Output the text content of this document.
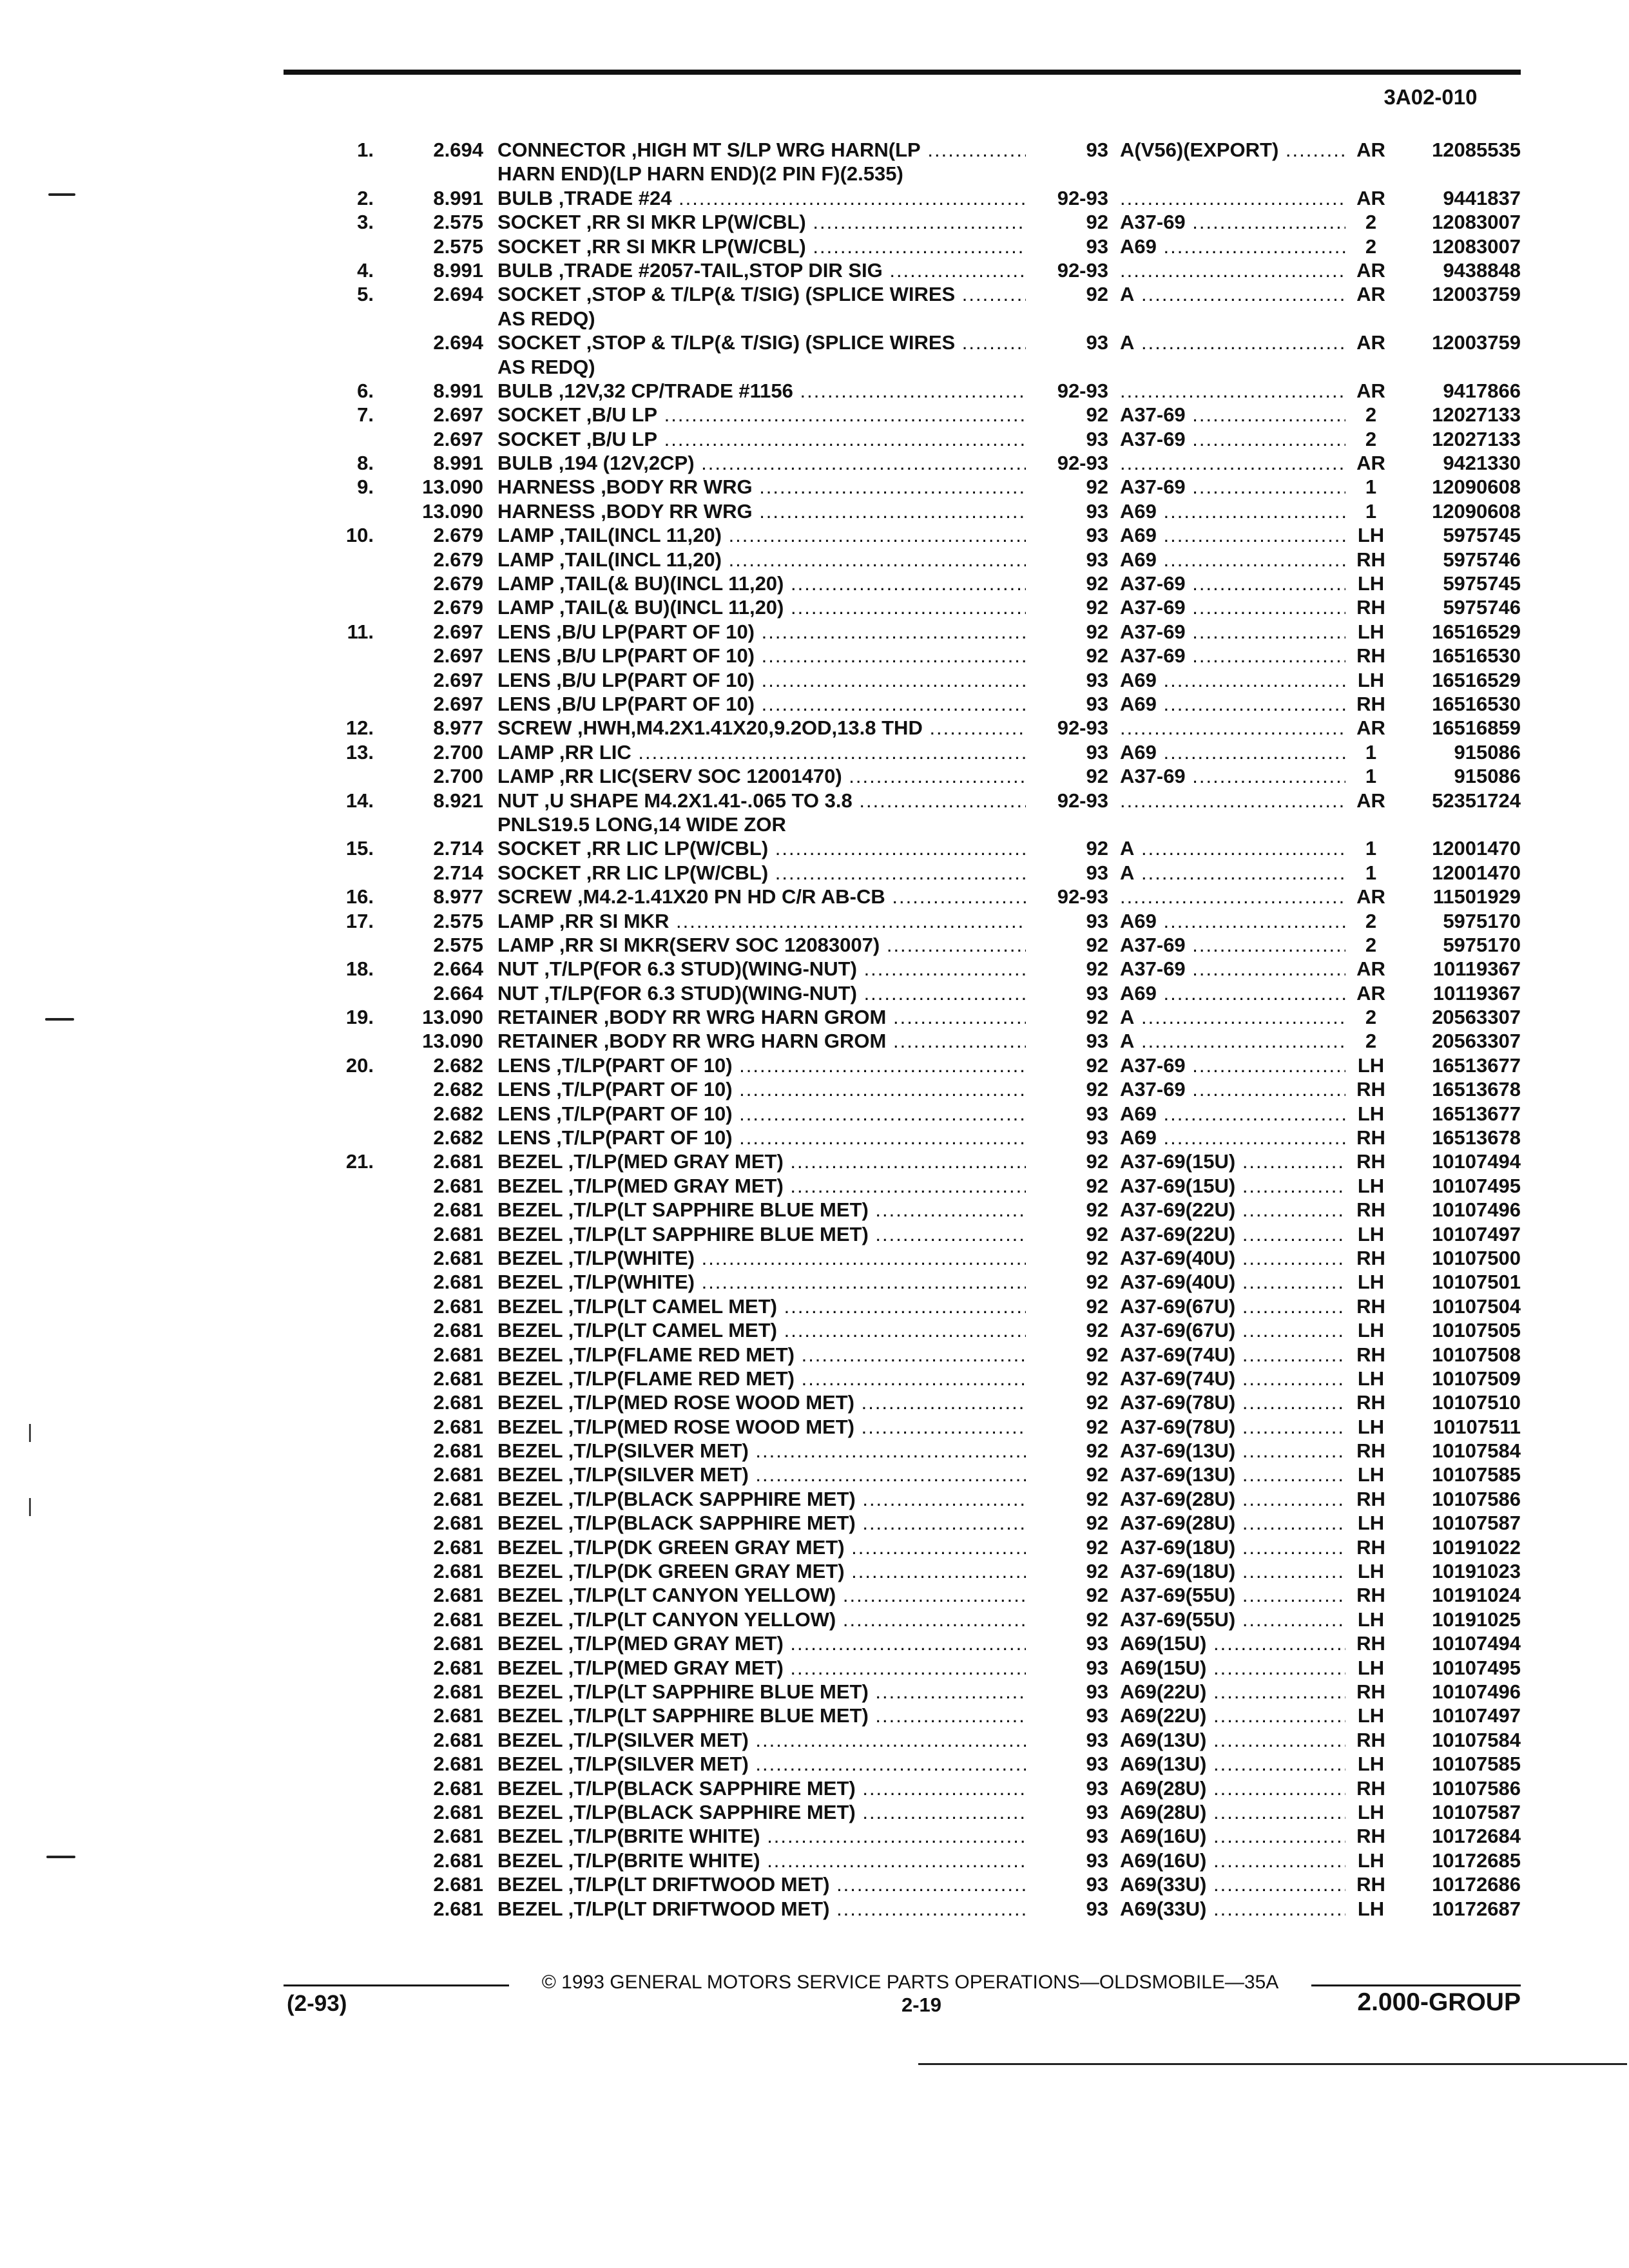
3A02-010
1.	2.694 CONNECTOR ,HIGH MT S/LP WRG HARN(LP .....	93 A(V56)(EXPORT) .....	AR	12085535
HARN END)(LP HARN END)(2 PIN F)(2.535)
2.	8.991 BULB ,TRADE #24 .....	92-93 .....	AR	9441837
3.	2.575 SOCKET ,RR SI MKR LP(W/CBL) .....	92 A37-69 .....	2	12083007
2.575 SOCKET ,RR SI MKR LP(W/CBL) .....	93 A69 .....	2	12083007
4.	8.991 BULB ,TRADE #2057-TAIL,STOP DIR SIG .....	92-93 .....	AR	9438848
5.	2.694 SOCKET ,STOP & T/LP(& T/SIG) (SPLICE WIRES .....	92 A .....	AR	12003759
AS REDQ)
2.694 SOCKET ,STOP & T/LP(& T/SIG) (SPLICE WIRES .....	93 A .....	AR	12003759
AS REDQ)
6.	8.991 BULB ,12V,32 CP/TRADE #1156 .....	92-93 .....	AR	9417866
7.	2.697 SOCKET ,B/U LP .....	92 A37-69 .....	2	12027133
2.697 SOCKET ,B/U LP .....	93 A37-69 .....	2	12027133
8.	8.991 BULB ,194 (12V,2CP) .....	92-93 .....	AR	9421330
9.	13.090 HARNESS ,BODY RR WRG .....	92 A37-69 .....	1	12090608
13.090 HARNESS ,BODY RR WRG .....	93 A69 .....	1	12090608
10.	2.679 LAMP ,TAIL(INCL 11,20) .....	93 A69 .....	LH	5975745
2.679 LAMP ,TAIL(INCL 11,20) .....	93 A69 .....	RH	5975746
2.679 LAMP ,TAIL(& BU)(INCL 11,20) .....	92 A37-69 .....	LH	5975745
2.679 LAMP ,TAIL(& BU)(INCL 11,20) .....	92 A37-69 .....	RH	5975746
11.	2.697 LENS ,B/U LP(PART OF 10) .....	92 A37-69 .....	LH	16516529
2.697 LENS ,B/U LP(PART OF 10) .....	92 A37-69 .....	RH	16516530
2.697 LENS ,B/U LP(PART OF 10) .....	93 A69 .....	LH	16516529
2.697 LENS ,B/U LP(PART OF 10) .....	93 A69 .....	RH	16516530
12.	8.977 SCREW ,HWH,M4.2X1.41X20,9.2OD,13.8 THD .....	92-93 .....	AR	16516859
13.	2.700 LAMP ,RR LIC .....	93 A69 .....	1	915086
2.700 LAMP ,RR LIC(SERV SOC 12001470) .....	92 A37-69 .....	1	915086
14.	8.921 NUT ,U SHAPE M4.2X1.41-.065 TO 3.8 .....	92-93 .....	AR	52351724
PNLS19.5 LONG,14 WIDE ZOR
15.	2.714 SOCKET ,RR LIC LP(W/CBL) .....	92 A .....	1	12001470
2.714 SOCKET ,RR LIC LP(W/CBL) .....	93 A .....	1	12001470
16.	8.977 SCREW ,M4.2-1.41X20 PN HD C/R AB-CB .....	92-93 .....	AR	11501929
17.	2.575 LAMP ,RR SI MKR .....	93 A69 .....	2	5975170
2.575 LAMP ,RR SI MKR(SERV SOC 12083007) .....	92 A37-69 .....	2	5975170
18.	2.664 NUT ,T/LP(FOR 6.3 STUD)(WING-NUT) .....	92 A37-69 .....	AR	10119367
2.664 NUT ,T/LP(FOR 6.3 STUD)(WING-NUT) .....	93 A69 .....	AR	10119367
19.	13.090 RETAINER ,BODY RR WRG HARN GROM .....	92 A .....	2	20563307
13.090 RETAINER ,BODY RR WRG HARN GROM .....	93 A .....	2	20563307
20.	2.682 LENS ,T/LP(PART OF 10) .....	92 A37-69 .....	LH	16513677
2.682 LENS ,T/LP(PART OF 10) .....	92 A37-69 .....	RH	16513678
2.682 LENS ,T/LP(PART OF 10) .....	93 A69 .....	LH	16513677
2.682 LENS ,T/LP(PART OF 10) .....	93 A69 .....	RH	16513678
21.	2.681 BEZEL ,T/LP(MED GRAY MET) .....	92 A37-69(15U) .....	RH	10107494
2.681 BEZEL ,T/LP(MED GRAY MET) .....	92 A37-69(15U) .....	LH	10107495
2.681 BEZEL ,T/LP(LT SAPPHIRE BLUE MET) .....	92 A37-69(22U) .....	RH	10107496
2.681 BEZEL ,T/LP(LT SAPPHIRE BLUE MET) .....	92 A37-69(22U) .....	LH	10107497
2.681 BEZEL ,T/LP(WHITE) .....	92 A37-69(40U) .....	RH	10107500
2.681 BEZEL ,T/LP(WHITE) .....	92 A37-69(40U) .....	LH	10107501
2.681 BEZEL ,T/LP(LT CAMEL MET) .....	92 A37-69(67U) .....	RH	10107504
2.681 BEZEL ,T/LP(LT CAMEL MET) .....	92 A37-69(67U) .....	LH	10107505
2.681 BEZEL ,T/LP(FLAME RED MET) .....	92 A37-69(74U) .....	RH	10107508
2.681 BEZEL ,T/LP(FLAME RED MET) .....	92 A37-69(74U) .....	LH	10107509
2.681 BEZEL ,T/LP(MED ROSE WOOD MET) .....	92 A37-69(78U) .....	RH	10107510
2.681 BEZEL ,T/LP(MED ROSE WOOD MET) .....	92 A37-69(78U) .....	LH	10107511
2.681 BEZEL ,T/LP(SILVER MET) .....	92 A37-69(13U) .....	RH	10107584
2.681 BEZEL ,T/LP(SILVER MET) .....	92 A37-69(13U) .....	LH	10107585
2.681 BEZEL ,T/LP(BLACK SAPPHIRE MET) .....	92 A37-69(28U) .....	RH	10107586
2.681 BEZEL ,T/LP(BLACK SAPPHIRE MET) .....	92 A37-69(28U) .....	LH	10107587
2.681 BEZEL ,T/LP(DK GREEN GRAY MET) .....	92 A37-69(18U) .....	RH	10191022
2.681 BEZEL ,T/LP(DK GREEN GRAY MET) .....	92 A37-69(18U) .....	LH	10191023
2.681 BEZEL ,T/LP(LT CANYON YELLOW) .....	92 A37-69(55U) .....	RH	10191024
2.681 BEZEL ,T/LP(LT CANYON YELLOW) .....	92 A37-69(55U) .....	LH	10191025
2.681 BEZEL ,T/LP(MED GRAY MET) .....	93 A69(15U) .....	RH	10107494
2.681 BEZEL ,T/LP(MED GRAY MET) .....	93 A69(15U) .....	LH	10107495
2.681 BEZEL ,T/LP(LT SAPPHIRE BLUE MET) .....	93 A69(22U) .....	RH	10107496
2.681 BEZEL ,T/LP(LT SAPPHIRE BLUE MET) .....	93 A69(22U) .....	LH	10107497
2.681 BEZEL ,T/LP(SILVER MET) .....	93 A69(13U) .....	RH	10107584
2.681 BEZEL ,T/LP(SILVER MET) .....	93 A69(13U) .....	LH	10107585
2.681 BEZEL ,T/LP(BLACK SAPPHIRE MET) .....	93 A69(28U) .....	RH	10107586
2.681 BEZEL ,T/LP(BLACK SAPPHIRE MET) .....	93 A69(28U) .....	LH	10107587
2.681 BEZEL ,T/LP(BRITE WHITE) .....	93 A69(16U) .....	RH	10172684
2.681 BEZEL ,T/LP(BRITE WHITE) .....	93 A69(16U) .....	LH	10172685
2.681 BEZEL ,T/LP(LT DRIFTWOOD MET) .....	93 A69(33U) .....	RH	10172686
2.681 BEZEL ,T/LP(LT DRIFTWOOD MET) .....	93 A69(33U) .....	LH	10172687
© 1993 GENERAL MOTORS SERVICE PARTS OPERATIONS—OLDSMOBILE—35A
(2-93)	2-19	2.000-GROUP
